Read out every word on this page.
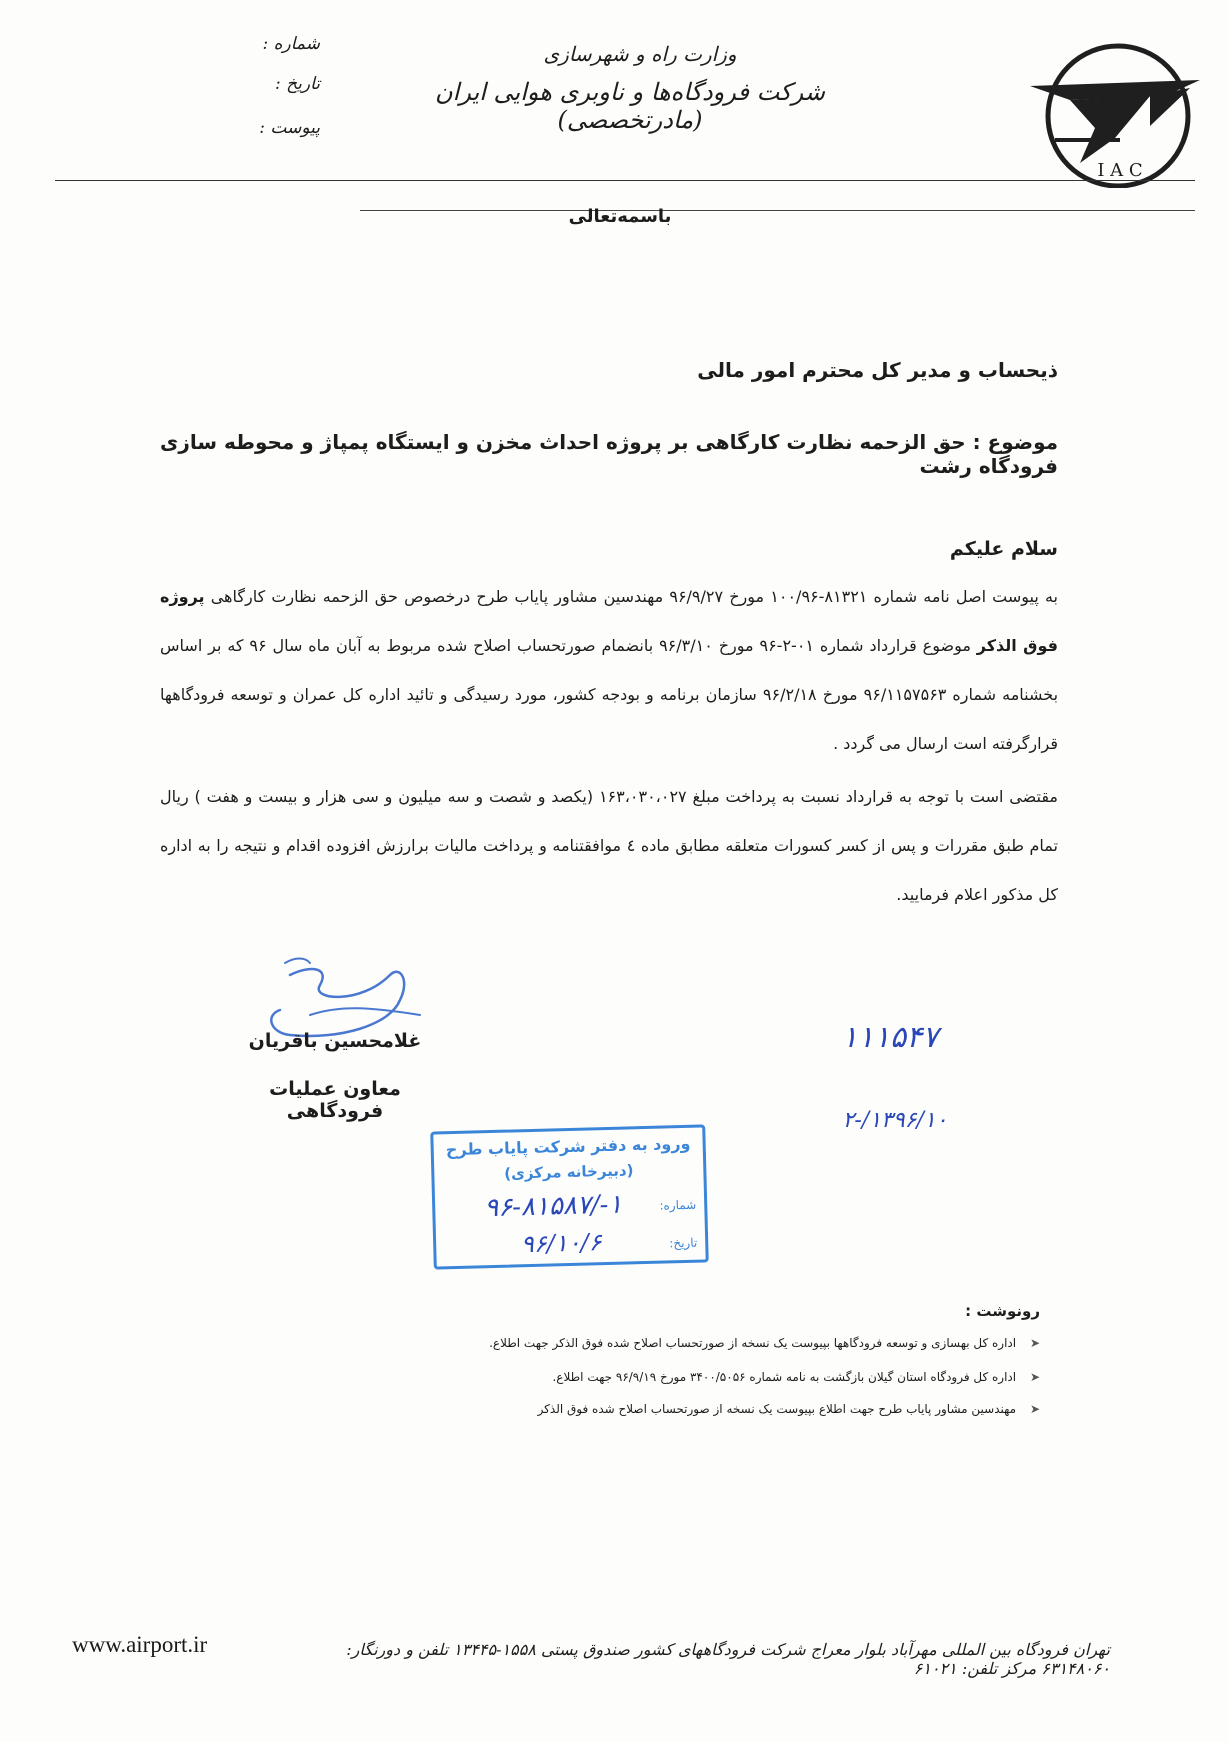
I A C
وزارت راه و شهرسازی
شرکت فرودگاه‌ها و ناوبری هوایی ایران (مادرتخصصی)
شماره :
تاریخ :
پیوست :
باسمه‌تعالی
ذیحساب و مدیر کل محترم امور مالی
موضوع : حق الزحمه نظارت کارگاهی بر پروژه احداث مخزن و ایستگاه پمپاژ و محوطه سازی فرودگاه رشت
سلام علیکم
به پیوست اصل نامه شماره ۸۱۳۲۱-۱۰۰/۹۶ مورخ ۹۶/۹/۲۷ مهندسین مشاور پایاب طرح درخصوص حق الزحمه نظارت کارگاهی پروژه فوق الذکر موضوع قرارداد شماره ۰۱-۲-۹۶ مورخ ۹۶/۳/۱۰ بانضمام صورتحساب اصلاح شده مربوط به آبان ماه سال ۹۶ که بر اساس بخشنامه شماره ۹۶/۱۱۵۷۵۶۳ مورخ ۹۶/۲/۱۸ سازمان برنامه و بودجه کشور، مورد رسیدگی و تائید اداره کل عمران و توسعه فرودگاهها قرارگرفته است ارسال می گردد .
مقتضی است با توجه به قرارداد نسبت به پرداخت مبلغ ۱۶۳،۰۳۰،۰۲۷ (یکصد و شصت و سه میلیون و سی هزار و بیست و هفت ) ریال تمام طبق مقررات و پس از کسر کسورات متعلقه مطابق ماده ٤ موافقتنامه و پرداخت مالیات برارزش افزوده اقدام و نتیجه را به اداره کل مذکور اعلام فرمایید.
غلامحسین باقریان
معاون عملیات فرودگاهی
۱۱۱۵۴۷
۱۳۹۶/۱۰/-۲
ورود به دفتر شرکت پایاب طرح
(دبیرخانه مرکزی)
شماره:
۱-/۹۶-۸۱۵۸۷
تاریخ:
۹۶/۱۰/۶
رونوشت :
➤ اداره کل بهسازی و توسعه فرودگاهها بپیوست یک نسخه از صورتحساب اصلاح شده فوق الذکر جهت اطلاع.
➤ اداره کل فرودگاه استان گیلان بازگشت به نامه شماره ۳۴۰۰/۵۰۵۶ مورخ ۹۶/۹/۱۹ جهت اطلاع.
➤ مهندسین مشاور پایاب طرح جهت اطلاع بپیوست یک نسخه از صورتحساب اصلاح شده فوق الذکر
تهران فرودگاه بین المللی مهرآباد بلوار معراج شرکت فرودگاههای کشور صندوق پستی ۱۵۵۸-۱۳۴۴۵ تلفن و دورنگار: ۶۳۱۴۸۰۶۰ مرکز تلفن: ۶۱۰۲۱
www.airport.ir
